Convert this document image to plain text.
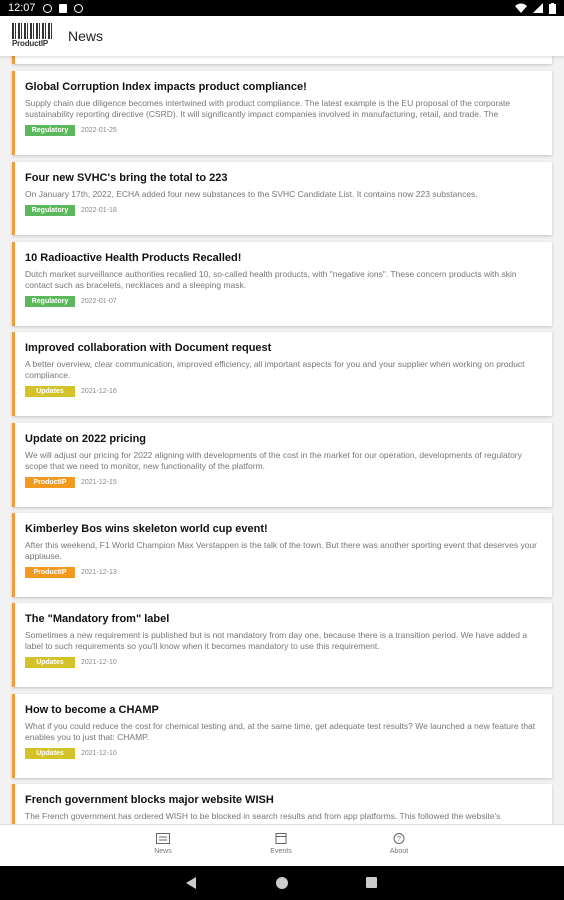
12:07
ProductIP News
Global Corruption Index impacts product compliance!
Supply chain due diligence becomes intertwined with product compliance. The latest example is the EU proposal of the corporate sustainability reporting directive (CSRD). It will significantly impact companies involved in manufacturing, retail, and trade. The
Regulatory	2022-01-25
Four new SVHC's bring the total to 223
On January 17th, 2022, ECHA added four new substances to the SVHC Candidate List. It contains now 223 substances.
Regulatory	2022-01-18
10 Radioactive Health Products Recalled!
Dutch market surveillance authorities recalled 10, so-called health products, with "negative ions". These concern products with skin contact such as bracelets, necklaces and a sleeping mask.
Regulatory	2022-01-07
Improved collaboration with Document request
A better overview, clear communication, improved efficiency, all important aspects for you and your supplier when working on product compliance.
Updates	2021-12-16
Update on 2022 pricing
We will adjust our pricing for 2022 aligning with developments of the cost in the market for our operation, developments of regulatory scope that we need to monitor, new functionality of the platform.
ProductIP	2021-12-15
Kimberley Bos wins skeleton world cup event!
After this weekend, F1 World Champion Max Verstappen is the talk of the town. But there was another sporting event that deserves your applause.
ProductIP	2021-12-13
The "Mandatory from" label
Sometimes a new requirement is published but is not mandatory from day one, because there is a transition period. We have added a label to such requirements so you'll know when it becomes mandatory to use this requirement.
Updates	2021-12-10
How to become a CHAMP
What if you could reduce the cost for chemical testing and, at the same time, get adequate test results? We launched a new feature that enables you to just that: CHAMP.
Updates	2021-12-10
French government blocks major website WISH
The French government has ordered WISH to be blocked in search results and from app platforms. This followed the website's
News	Events
?
About
